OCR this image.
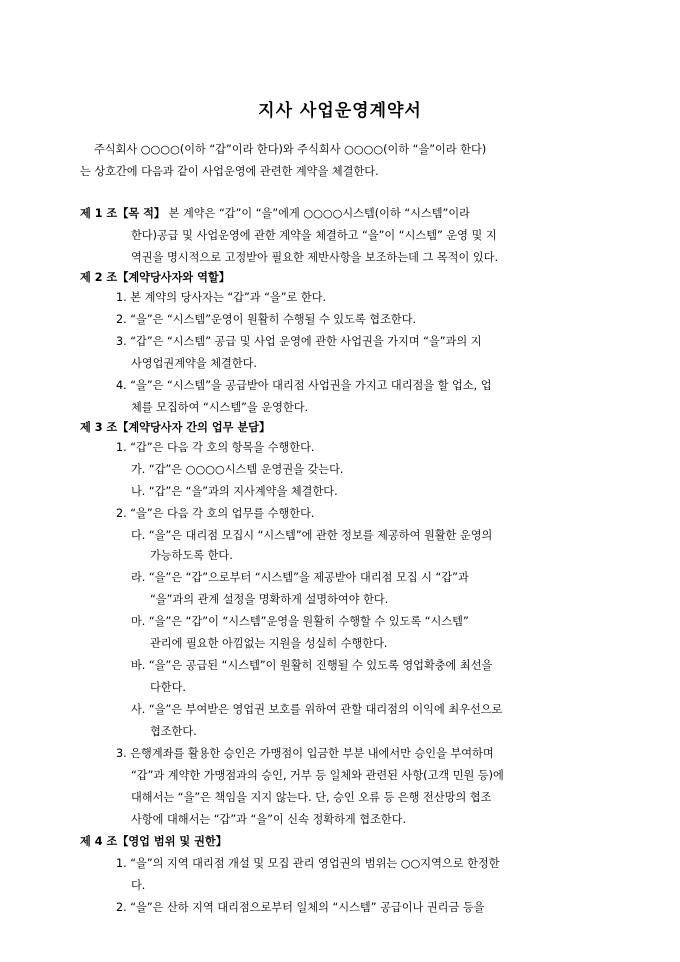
지사 사업운영계약서
주식회사 ○○○○(이하 “갑”이라 한다)와 주식회사 ○○○○(이하 “을”이라 한다)
는 상호간에 다음과 같이 사업운영에 관련한 계약을 체결한다.
제 1 조【목 적】 본 계약은 “갑”이 “을”에게 ○○○○시스템(이하 “시스템”이라
한다)공급 및 사업운영에 관한 계약을 체결하고 “을”이 “시스템” 운영 및 지
역권을 명시적으로 고정받아 필요한 제반사항을 보조하는데 그 목적이 있다.
제 2 조【계약당사자와 역할】
1. 본 계약의 당사자는 “갑”과 “을”로 한다.
2. “을”은 “시스템”운영이 원활히 수행될 수 있도록 협조한다.
3. “갑”은 “시스템” 공급 및 사업 운영에 관한 사업권을 가지며 “을”과의 지
사영업권계약을 체결한다.
4. “을”은 “시스템”을 공급받아 대리점 사업권을 가지고 대리점을 할 업소, 업
체를 모집하여 “시스템”을 운영한다.
제 3 조【계약당사자 간의 업무 분담】
1. “갑”은 다음 각 호의 항목을 수행한다.
가. “갑”은 ○○○○시스템 운영권을 갖는다.
나. “갑”은 “을”과의 지사계약을 체결한다.
2. “을”은 다음 각 호의 업무를 수행한다.
다. “을”은 대리점 모집시 “시스템”에 관한 정보를 제공하여 원활한 운영의
가능하도록 한다.
라. “을”은 “갑”으로부터 “시스템”을 제공받아 대리점 모집 시 “갑”과
“을”과의 관계 설정을 명확하게 설명하여야 한다.
마. “을”은 “갑”이 “시스템”운영을 원활히 수행할 수 있도록 “시스템”
관리에 필요한 아낌없는 지원을 성실히 수행한다.
바. “을”은 공급된 “시스템”이 원활히 진행될 수 있도록 영업확충에 최선을
다한다.
사. “을”은 부여받은 영업권 보호를 위하여 관할 대리점의 이익에 최우선으로
협조한다.
3. 은행계좌를 활용한 승인은 가맹점이 입금한 부분 내에서만 승인을 부여하며
“갑”과 계약한 가맹점과의 승인, 거부 등 일체와 관련된 사항(고객 민원 등)에
대해서는 “을”은 책임을 지지 않는다. 단, 승인 오류 등 은행 전산망의 협조
사항에 대해서는 “갑”과 “을”이 신속 정확하게 협조한다.
제 4 조【영업 범위 및 권한】
1. “을”의 지역 대리점 개설 및 모집 관리 영업권의 범위는 ○○지역으로 한정한
다.
2. “을”은 산하 지역 대리점으로부터 일체의 “시스템” 공급이나 권리금 등을
